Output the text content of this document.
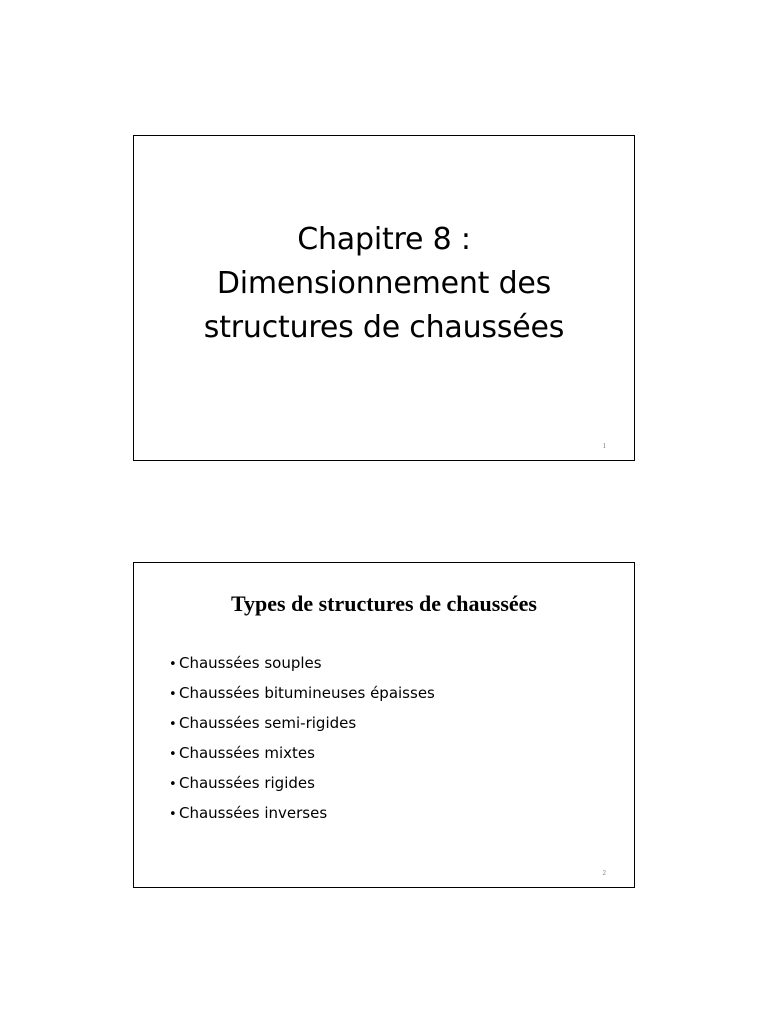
Chapitre 8 :
Dimensionnement des
structures de chaussées
1
Types de structures de chaussées
• Chaussées souples
• Chaussées bitumineuses épaisses
• Chaussées semi-rigides
• Chaussées mixtes
• Chaussées rigides
• Chaussées inverses
2
